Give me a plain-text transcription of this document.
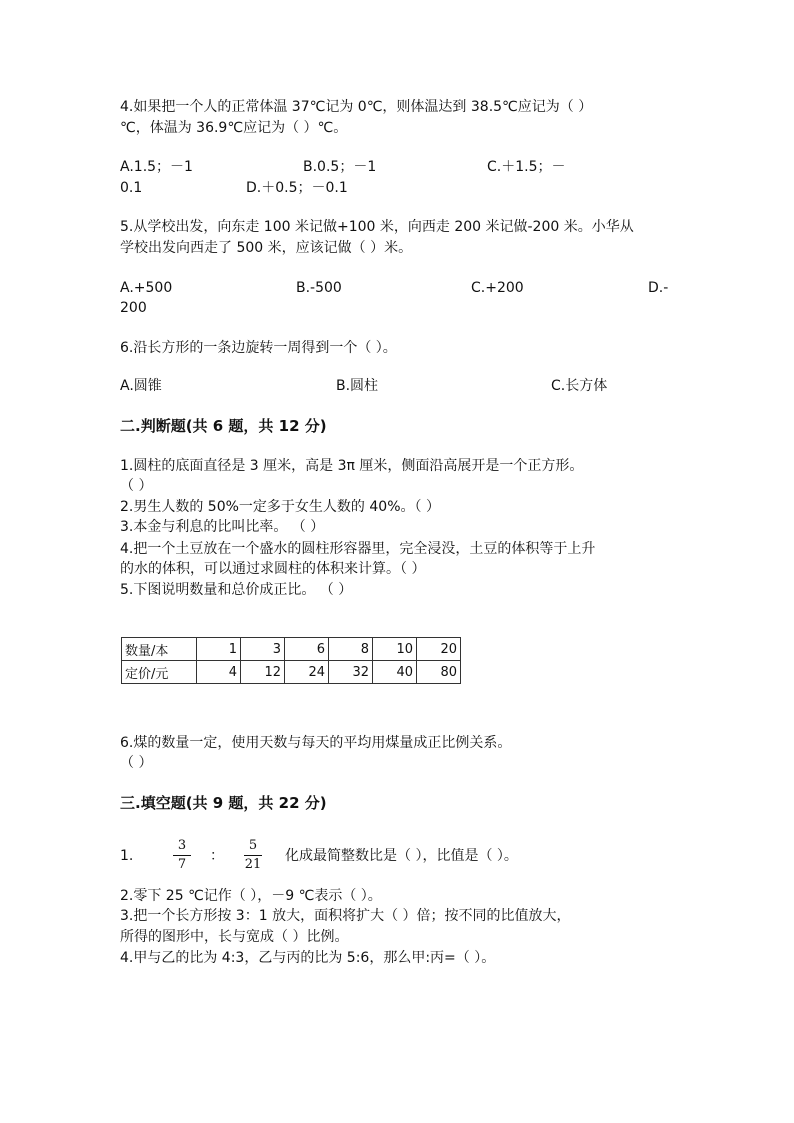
4.如果把一个人的正常体温 37℃记为 0℃，则体温达到 38.5℃应记为（ ）
℃，体温为 36.9℃应记为（ ）℃。
A.1.5；－1	B.0.5；－1	C.＋1.5；－
0.1	D.＋0.5；－0.1
5.从学校出发，向东走 100 米记做+100 米，向西走 200 米记做-200 米。小华从
学校出发向西走了 500 米，应该记做（ ）米。
A.+500	B.-500	C.+200	D.-
200
6.沿长方形的一条边旋转一周得到一个（ ）。
A.圆锥	B.圆柱	C.长方体
二.判断题(共 6 题，共 12 分)
1.圆柱的底面直径是 3 厘米，高是 3π 厘米，侧面沿高展开是一个正方形。
（ ）
2.男生人数的 50%一定多于女生人数的 40%。（ ）
3.本金与利息的比叫比率。 （ ）
4.把一个土豆放在一个盛水的圆柱形容器里，完全浸没，土豆的体积等于上升
的水的体积，可以通过求圆柱的体积来计算。（ ）
5.下图说明数量和总价成正比。 （ ）
数量/本	1	3	6	8	10	20
定价/元	4	12	24	32	40	80
6.煤的数量一定，使用天数与每天的平均用煤量成正比例关系。
（ ）
三.填空题(共 9 题，共 22 分)
1.
3
7
：
5
21
化成最简整数比是（ ），比值是（ ）。
2.零下 25 ℃记作（ ），－9 ℃表示（ ）。
3.把一个长方形按 3：1 放大，面积将扩大（ ）倍；按不同的比值放大，
所得的图形中，长与宽成（ ）比例。
4.甲与乙的比为 4:3，乙与丙的比为 5:6，那么甲:丙=（ ）。
